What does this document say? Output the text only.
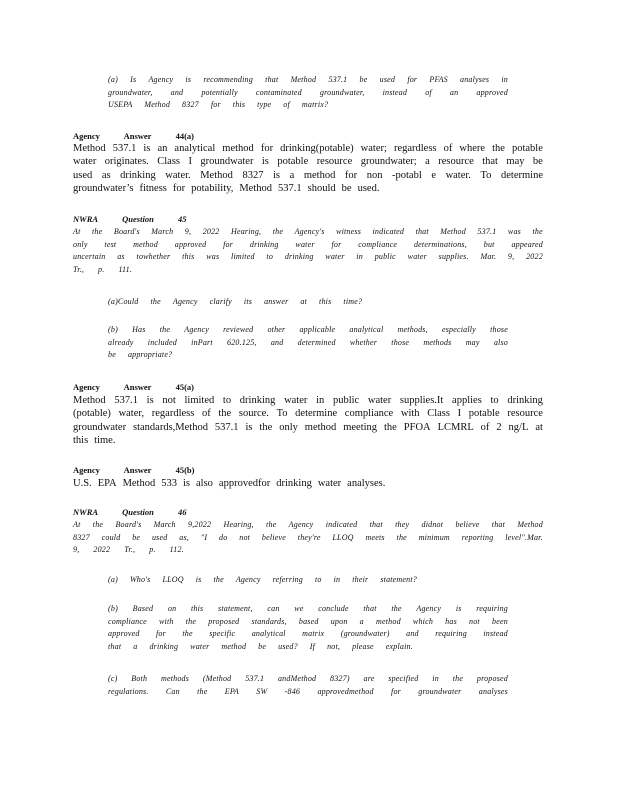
(a) Is Agency is recommending that Method 537.1 be used for PFAS analyses in
groundwater, and potentially contaminated groundwater, instead of an approved
USEPA Method 8327 for this type of matrix?
Agency	Answer	44(a)
Method 537.1 is an analytical method for drinking(potable) water; regardless of where the potable
water originates. Class I groundwater is potable resource groundwater; a resource that may be
used as drinking water. Method 8327 is a method for non -potabl e water. To determine
groundwater’s fitness for potability, Method 537.1 should be used.
NWRA	Question	45
At the Board's March 9, 2022 Hearing, the Agency's witness indicated that Method 537.1 was the
only test method approved for drinking water for compliance determinations, but appeared
uncertain as towhether this was limited to drinking water in public water supplies. Mar. 9, 2022
Tr., p. 111.
(a)Could the Agency clarify its answer at this time?
(b) Has the Agency reviewed other applicable analytical methods, especially those
already included inPart 620.125, and determined whether those methods may also
be appropriate?
Agency	Answer	45(a)
Method 537.1 is not limited to drinking water in public water supplies.It applies to drinking
(potable) water, regardless of the source. To determine compliance with Class I potable resource
groundwater standards,Method 537.1 is the only method meeting the PFOA LCMRL of 2 ng/L at
this time.
Agency	Answer	45(b)
U.S. EPA Method 533 is also approvedfor drinking water analyses.
NWRA	Question	46
At the Board's March 9,2022 Hearing, the Agency indicated that they didnot believe that Method
8327 could be used as, "I do not believe they're LLOQ meets the minimum reporting level".Mar.
9, 2022 Tr., p. 112.
(a) Who's LLOQ is the Agency referring to in their statement?
(b) Based on this statement, can we conclude that the Agency is requiring
compliance with the proposed standards, based upon a method which has not been
approved for the specific analytical matrix (groundwater) and requiring instead
that a drinking water method be used? If not, please explain.
(c) Both methods (Method 537.1 andMethod 8327) are specified in the proposed
regulations. Can the EPA SW -846 approvedmethod for groundwater analyses
